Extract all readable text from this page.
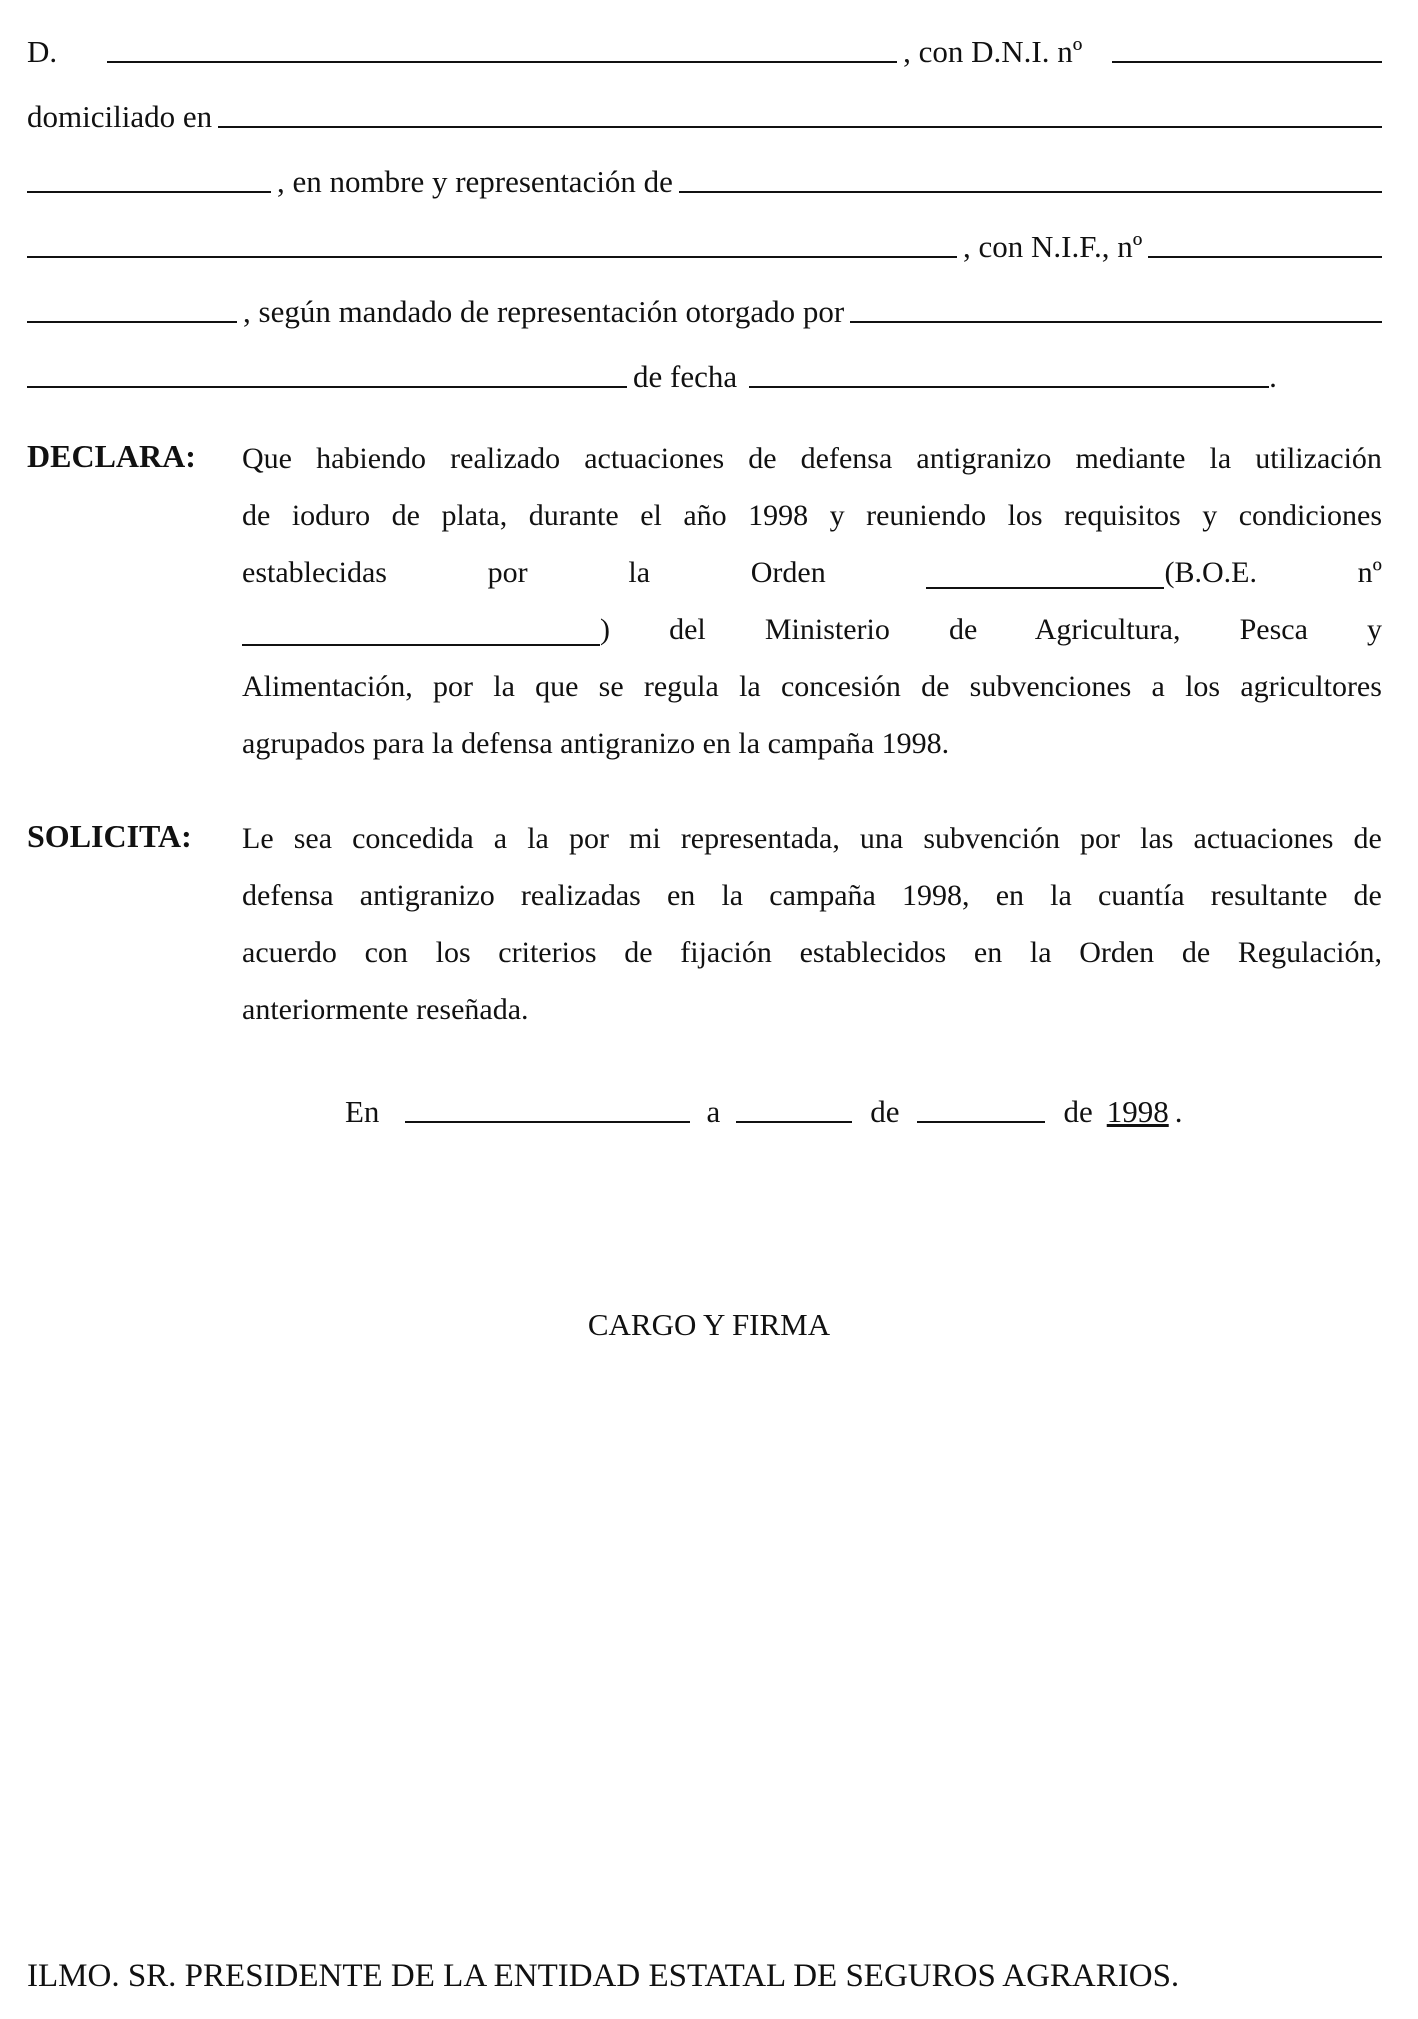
D.	, con D.N.I. nº
domiciliado en
, en nombre y representación de
, con N.I.F., nº
, según mandado de representación otorgado por
de fecha	.
DECLARA: Que habiendo realizado actuaciones de defensa antigranizo mediante la utilización
de ioduro de plata, durante el año 1998 y reuniendo los requisitos y condiciones
establecidas	por	la	Orden	(B.O.E.	nº
) del Ministerio de Agricultura, Pesca y
Alimentación, por la que se regula la concesión de subvenciones a los agricultores
agrupados para la defensa antigranizo en la campaña 1998.
SOLICITA: Le sea concedida a la por mi representada, una subvención por las actuaciones de
defensa antigranizo realizadas en la campaña 1998, en la cuantía resultante de
acuerdo con los criterios de fijación establecidos en la Orden de Regulación,
anteriormente reseñada.
En	a	de	de 1998 .
CARGO Y FIRMA
ILMO. SR. PRESIDENTE DE LA ENTIDAD ESTATAL DE SEGUROS AGRARIOS.
